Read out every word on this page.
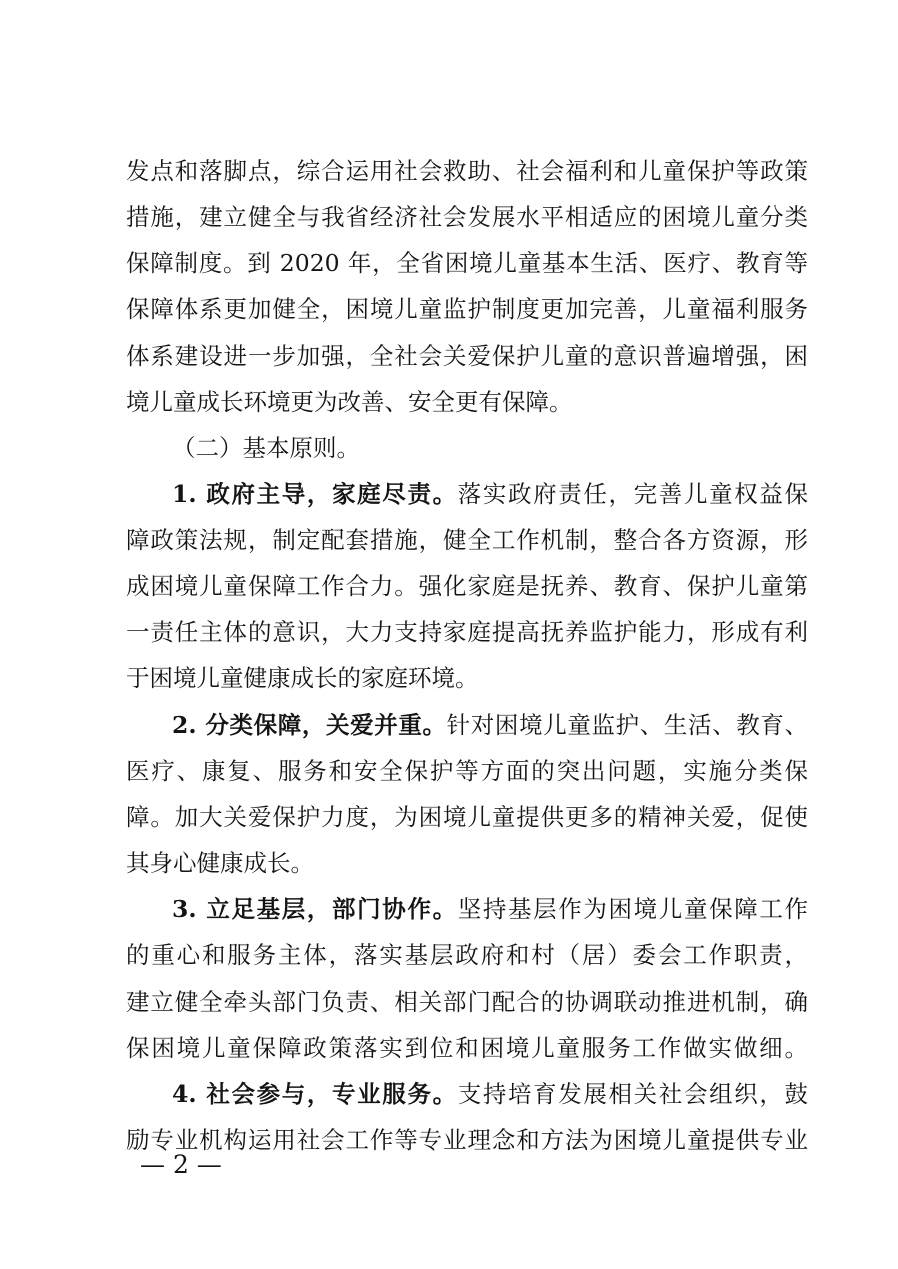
发点和落脚点，综合运用社会救助、社会福利和儿童保护等政策
措施，建立健全与我省经济社会发展水平相适应的困境儿童分类
保障制度。到 2020 年，全省困境儿童基本生活、医疗、教育等
保障体系更加健全，困境儿童监护制度更加完善，儿童福利服务
体系建设进一步加强，全社会关爱保护儿童的意识普遍增强，困
境儿童成长环境更为改善、安全更有保障。
（二）基本原则。
1. 政府主导，家庭尽责。落实政府责任，完善儿童权益保
障政策法规，制定配套措施，健全工作机制，整合各方资源，形
成困境儿童保障工作合力。强化家庭是抚养、教育、保护儿童第
一责任主体的意识，大力支持家庭提高抚养监护能力，形成有利
于困境儿童健康成长的家庭环境。
2. 分类保障，关爱并重。针对困境儿童监护、生活、教育、
医疗、康复、服务和安全保护等方面的突出问题，实施分类保
障。加大关爱保护力度，为困境儿童提供更多的精神关爱，促使
其身心健康成长。
3. 立足基层，部门协作。坚持基层作为困境儿童保障工作
的重心和服务主体，落实基层政府和村（居）委会工作职责，
建立健全牵头部门负责、相关部门配合的协调联动推进机制，确
保困境儿童保障政策落实到位和困境儿童服务工作做实做细。
4. 社会参与，专业服务。支持培育发展相关社会组织，鼓
励专业机构运用社会工作等专业理念和方法为困境儿童提供专业
— 2 —
